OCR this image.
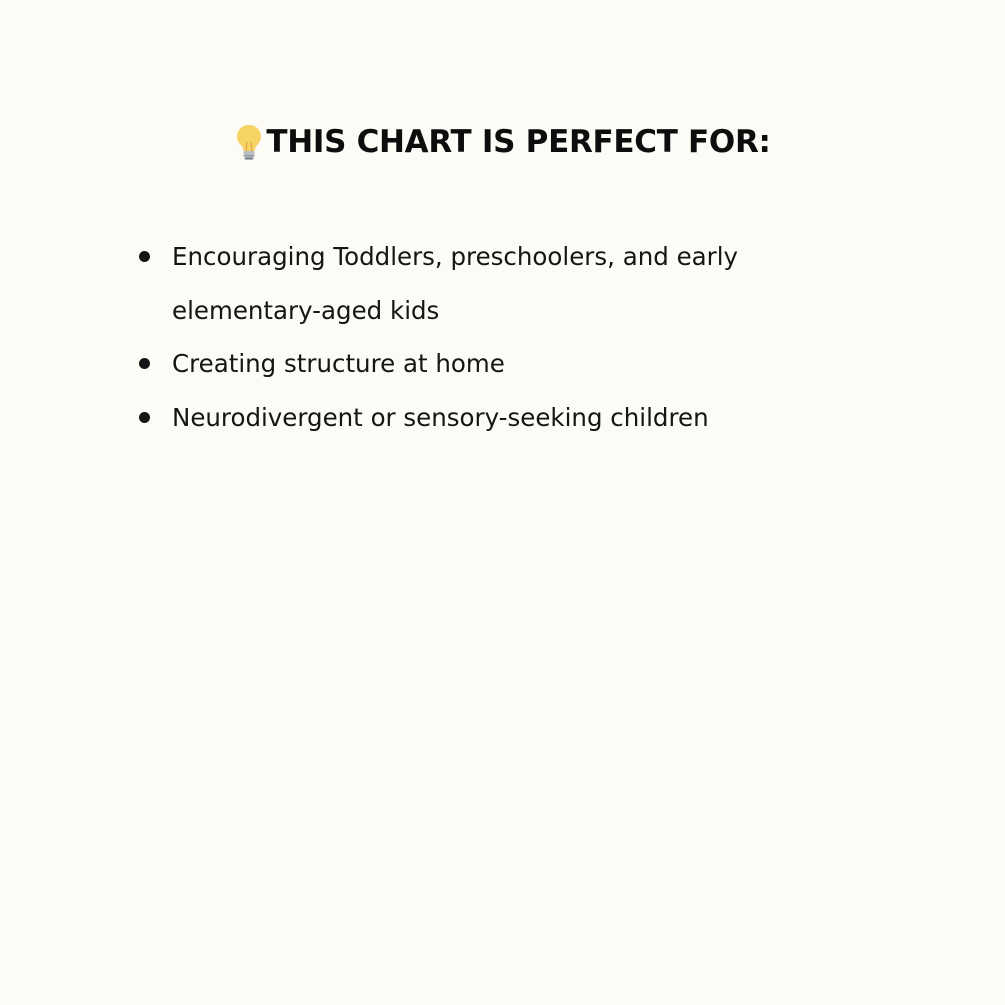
THIS CHART IS PERFECT FOR:
Encouraging Toddlers, preschoolers, and early elementary-aged kids
Creating structure at home
Neurodivergent or sensory-seeking children
